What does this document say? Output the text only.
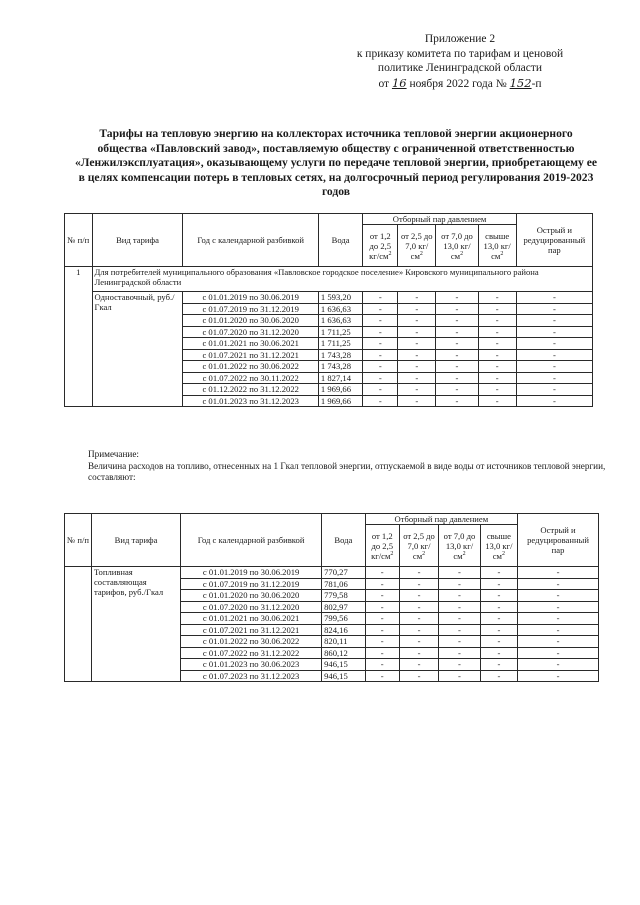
Приложение 2
к приказу комитета по тарифам и ценовой
политике Ленинградской области
от 16 ноября 2022 года № 152-п
Тарифы на тепловую энергию на коллекторах источника тепловой энергии акционерного общества «Павловский завод», поставляемую обществу с ограниченной ответственностью «Ленжилэксплуатация», оказывающему услуги по передаче тепловой энергии, приобретающему ее в целях компенсации потерь в тепловых сетях, на долгосрочный период регулирования 2019-2023 годов
№ п/п	Вид тарифа	Год с календарной разбивкой	Вода	Отборный пар давлением				Острый и редуцированный пар
				от 1,2 до 2,5 $кг/см^2$	от 2,5 до 7,0 $кг/см^2$	от 7,0 до 13,0 $кг/см^2$	свыше 13,0 $кг/см^2$
1	Для потребителей муниципального образования «Павловское городское поселение» Кировского муниципального района Ленинградской области							
	Одноставочный, руб./Гкал	с 01.01.2019 по 30.06.2019	1 593,20	-	-	-	-	-
		с 01.07.2019 по 31.12.2019	1 636,63	-	-	-	-	-
		с 01.01.2020 по 30.06.2020	1 636,63	-	-	-	-	-
		с 01.07.2020 по 31.12.2020	1 711,25	-	-	-	-	-
		с 01.01.2021 по 30.06.2021	1 711,25	-	-	-	-	-
		с 01.07.2021 по 31.12.2021	1 743,28	-	-	-	-	-
		с 01.01.2022 по 30.06.2022	1 743,28	-	-	-	-	-
		с 01.07.2022 по 30.11.2022	1 827,14	-	-	-	-	-
		с 01.12.2022 по 31.12.2022	1 969,66	-	-	-	-	-
		с 01.01.2023 по 31.12.2023	1 969,66	-	-	-	-	-
Примечание:
Величина расходов на топливо, отнесенных на 1 Гкал тепловой энергии, отпускаемой в виде воды от источников тепловой энергии, составляют:
№ п/п	Вид тарифа	Год с календарной разбивкой	Вода	Отборный пар давлением				Острый и редуцированный пар
				от 1,2 до 2,5 $кг/см^2$	от 2,5 до 7,0 $кг/см^2$	от 7,0 до 13,0 $кг/см^2$	свыше 13,0 $кг/см^2$
	Топливная составляющая тарифов, руб./Гкал	с 01.01.2019 по 30.06.2019	770,27	-	-	-	-	-
		с 01.07.2019 по 31.12.2019	781,06	-	-	-	-	-
		с 01.01.2020 по 30.06.2020	779,58	-	-	-	-	-
		с 01.07.2020 по 31.12.2020	802,97	-	-	-	-	-
		с 01.01.2021 по 30.06.2021	799,56	-	-	-	-	-
		с 01.07.2021 по 31.12.2021	824,16	-	-	-	-	-
		с 01.01.2022 по 30.06.2022	820,11	-	-	-	-	-
		с 01.07.2022 по 31.12.2022	860,12	-	-	-	-	-
		с 01.01.2023 по 30.06.2023	946,15	-	-	-	-	-
		с 01.07.2023 по 31.12.2023	946,15	-	-	-	-	-
